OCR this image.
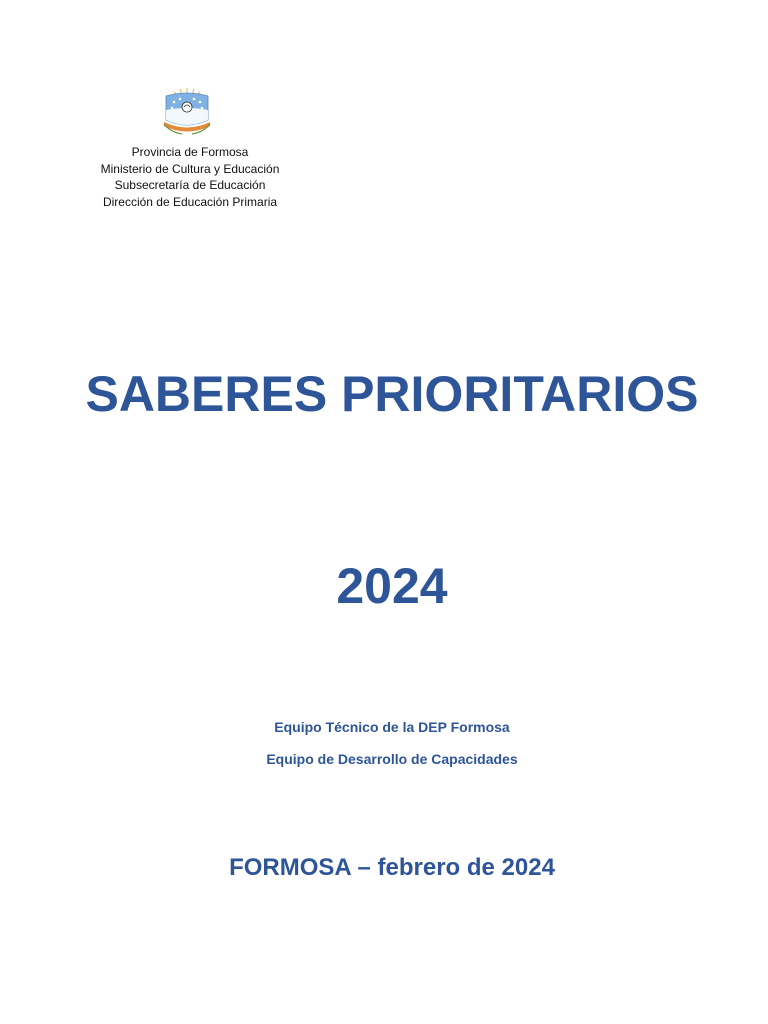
Provincia de Formosa
Ministerio de Cultura y Educación
Subsecretaría de Educación
Dirección de Educación Primaria
SABERES PRIORITARIOS
2024
Equipo Técnico de la DEP Formosa
Equipo de Desarrollo de Capacidades
FORMOSA – febrero de 2024
